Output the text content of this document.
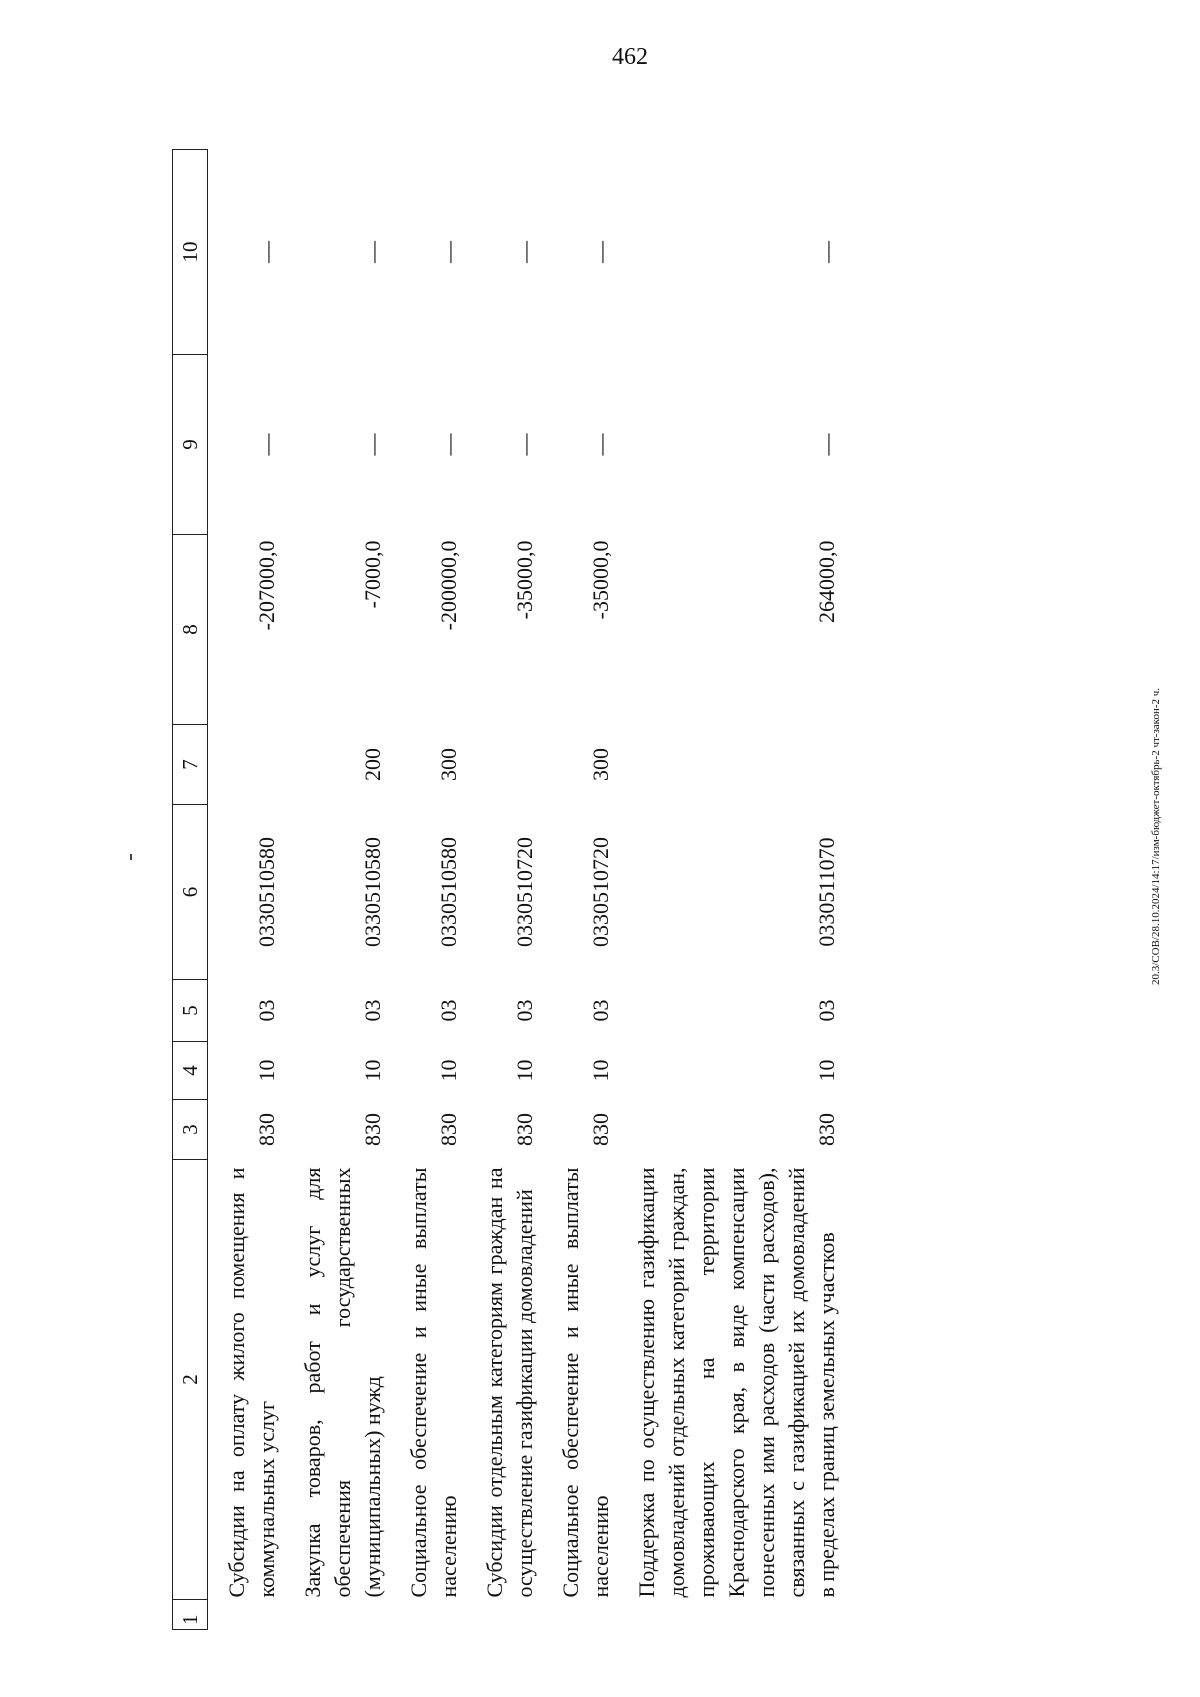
462
20.3/СОВ/28.10.2024/14:17/изм-бюджет-октябрь-2 чт-закон-2 ч.
1	2	3	4	5	6	7	8	9	10
	Субсидии на оплату жилого помещения и коммунальных услуг	830	10	03	0330510580		-207000,0	—	—
	Закупка товаров, работ и услуг для обеспечения государственных (муниципальных) нужд	830	10	03	0330510580	200	-7000,0	—	—
	Социальное обеспечение и иные выплаты населению	830	10	03	0330510580	300	-200000,0	—	—
	Субсидии отдельным категориям граждан на осуществление газификации домовладений	830	10	03	0330510720		-35000,0	—	—
	Социальное обеспечение и иные выплаты населению	830	10	03	0330510720	300	-35000,0	—	—
	Поддержка по осуществлению газификации домовладений отдельных категорий граждан, проживающих на территории Краснодарского края, в виде компенсации понесенных ими расходов (части расходов), связанных с газификацией их домовладений в пределах границ земельных участков	830	10	03	0330511070		264000,0	—	—
